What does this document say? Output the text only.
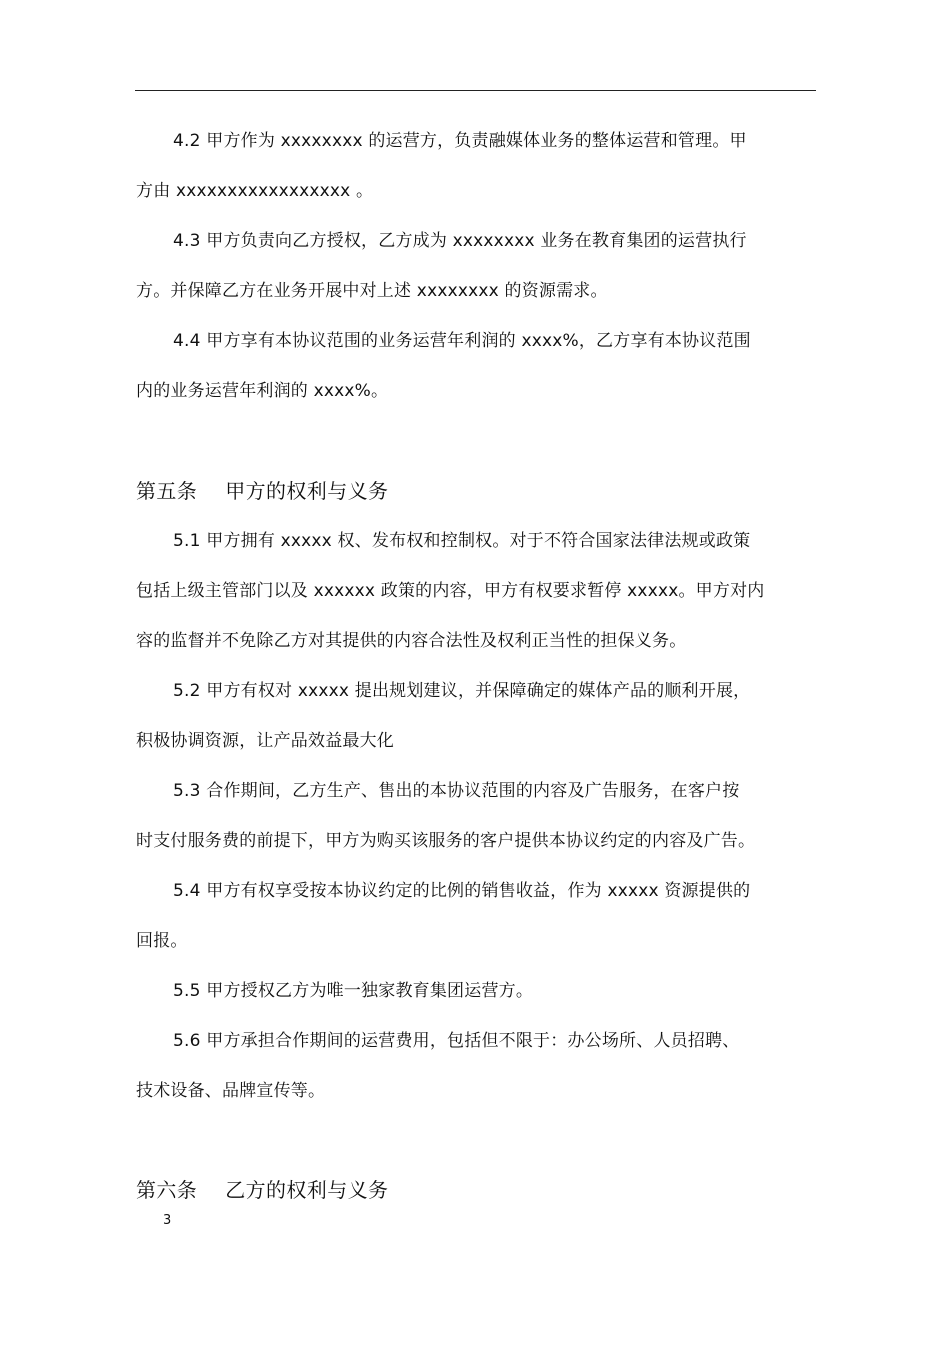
4.2 甲方作为 xxxxxxxx 的运营方，负责融媒体业务的整体运营和管理。甲
方由 xxxxxxxxxxxxxxxxx 。
4.3 甲方负责向乙方授权，乙方成为 xxxxxxxx 业务在教育集团的运营执行
方。并保障乙方在业务开展中对上述 xxxxxxxx 的资源需求。
4.4 甲方享有本协议范围的业务运营年利润的 xxxx%，乙方享有本协议范围
内的业务运营年利润的 xxxx%。
第五条 甲方的权利与义务
5.1 甲方拥有 xxxxx 权、发布权和控制权。对于不符合国家法律法规或政策
包括上级主管部门以及 xxxxxx 政策的内容，甲方有权要求暂停 xxxxx。甲方对内
容的监督并不免除乙方对其提供的内容合法性及权利正当性的担保义务。
5.2 甲方有权对 xxxxx 提出规划建议，并保障确定的媒体产品的顺利开展，
积极协调资源，让产品效益最大化
5.3 合作期间，乙方生产、售出的本协议范围的内容及广告服务，在客户按
时支付服务费的前提下，甲方为购买该服务的客户提供本协议约定的内容及广告。
5.4 甲方有权享受按本协议约定的比例的销售收益，作为 xxxxx 资源提供的
回报。
5.5 甲方授权乙方为唯一独家教育集团运营方。
5.6 甲方承担合作期间的运营费用，包括但不限于：办公场所、人员招聘、
技术设备、品牌宣传等。
第六条 乙方的权利与义务
3
